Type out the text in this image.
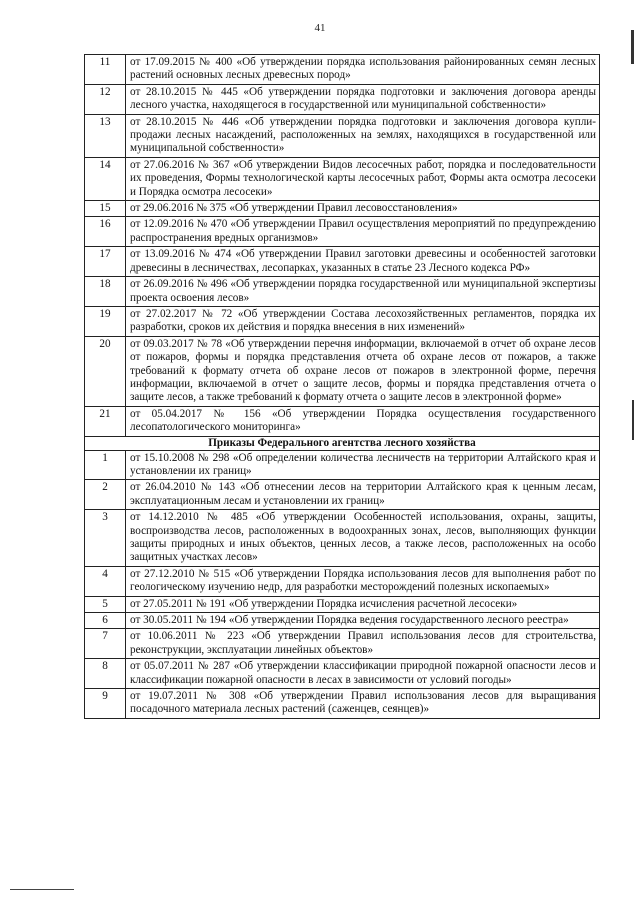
41
11	от 17.09.2015 № 400 «Об утверждении порядка использования районированных семян лесных растений основных лесных древесных пород»
12	от 28.10.2015 № 445 «Об утверждении порядка подготовки и заключения договора аренды лесного участка, находящегося в государственной или муниципальной собственности»
13	от 28.10.2015 № 446 «Об утверждении порядка подготовки и заключения договора купли-продажи лесных насаждений, расположенных на землях, находящихся в государственной или муниципальной собственности»
14	от 27.06.2016 № 367 «Об утверждении Видов лесосечных работ, порядка и последовательности их проведения, Формы технологической карты лесосечных работ, Формы акта осмотра лесосеки и Порядка осмотра лесосеки»
15	от 29.06.2016 № 375 «Об утверждении Правил лесовосстановления»
16	от 12.09.2016 № 470 «Об утверждении Правил осуществления мероприятий по предупреждению распространения вредных организмов»
17	от 13.09.2016 № 474 «Об утверждении Правил заготовки древесины и особенностей заготовки древесины в лесничествах, лесопарках, указанных в статье 23 Лесного кодекса РФ»
18	от 26.09.2016 № 496 «Об утверждении порядка государственной или муниципальной экспертизы проекта освоения лесов»
19	от 27.02.2017 № 72 «Об утверждении Состава лесохозяйственных регламентов, порядка их разработки, сроков их действия и порядка внесения в них изменений»
20	от 09.03.2017 № 78 «Об утверждении перечня информации, включаемой в отчет об охране лесов от пожаров, формы и порядка представления отчета об охране лесов от пожаров, а также требований к формату отчета об охране лесов от пожаров в электронной форме, перечня информации, включаемой в отчет о защите лесов, формы и порядка представления отчета о защите лесов, а также требований к формату отчета о защите лесов в электронной форме»
21	от 05.04.2017 № 156 «Об утверждении Порядка осуществления государственного лесопатологического мониторинга»
Приказы Федерального агентства лесного хозяйства	
1	от 15.10.2008 № 298 «Об определении количества лесничеств на территории Алтайского края и установлении их границ»
2	от 26.04.2010 № 143 «Об отнесении лесов на территории Алтайского края к ценным лесам, эксплуатационным лесам и установлении их границ»
3	от 14.12.2010 № 485 «Об утверждении Особенностей использования, охраны, защиты, воспроизводства лесов, расположенных в водоохранных зонах, лесов, выполняющих функции защиты природных и иных объектов, ценных лесов, а также лесов, расположенных на особо защитных участках лесов»
4	от 27.12.2010 № 515 «Об утверждении Порядка использования лесов для выполнения работ по геологическому изучению недр, для разработки месторождений полезных ископаемых»
5	от 27.05.2011 № 191 «Об утверждении Порядка исчисления расчетной лесосеки»
6	от 30.05.2011 № 194 «Об утверждении Порядка ведения государственного лесного реестра»
7	от 10.06.2011 № 223 «Об утверждении Правил использования лесов для строительства, реконструкции, эксплуатации линейных объектов»
8	от 05.07.2011 № 287 «Об утверждении классификации природной пожарной опасности лесов и классификации пожарной опасности в лесах в зависимости от условий погоды»
9	от 19.07.2011 № 308 «Об утверждении Правил использования лесов для выращивания посадочного материала лесных растений (саженцев, сеянцев)»
